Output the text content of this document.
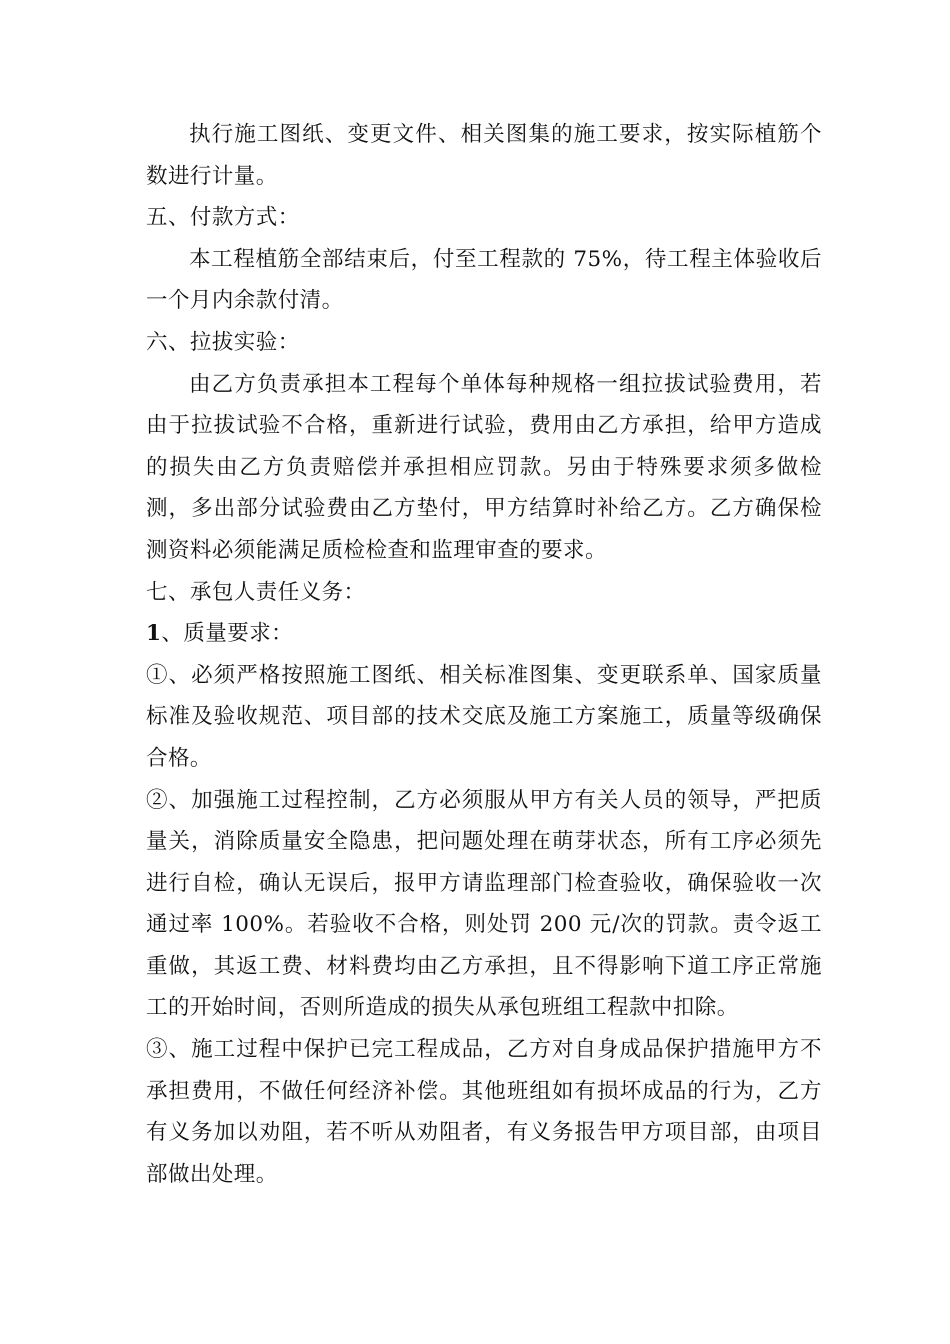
执行施工图纸、变更文件、相关图集的施工要求，按实际植筋个数进行计量。

五、付款方式：

本工程植筋全部结束后，付至工程款的 75%，待工程主体验收后一个月内余款付清。

六、拉拔实验：

由乙方负责承担本工程每个单体每种规格一组拉拔试验费用，若由于拉拔试验不合格，重新进行试验，费用由乙方承担，给甲方造成的损失由乙方负责赔偿并承担相应罚款。另由于特殊要求须多做检测，多出部分试验费由乙方垫付，甲方结算时补给乙方。乙方确保检测资料必须能满足质检检查和监理审查的要求。

七、承包人责任义务：

1、质量要求：

①、必须严格按照施工图纸、相关标准图集、变更联系单、国家质量标准及验收规范、项目部的技术交底及施工方案施工，质量等级确保合格。

②、加强施工过程控制，乙方必须服从甲方有关人员的领导，严把质量关，消除质量安全隐患，把问题处理在萌芽状态，所有工序必须先进行自检，确认无误后，报甲方请监理部门检查验收，确保验收一次通过率 100%。若验收不合格，则处罚 200 元/次的罚款。责令返工重做，其返工费、材料费均由乙方承担，且不得影响下道工序正常施工的开始时间，否则所造成的损失从承包班组工程款中扣除。

③、施工过程中保护已完工程成品，乙方对自身成品保护措施甲方不承担费用，不做任何经济补偿。其他班组如有损坏成品的行为，乙方有义务加以劝阻，若不听从劝阻者，有义务报告甲方项目部，由项目部做出处理。
